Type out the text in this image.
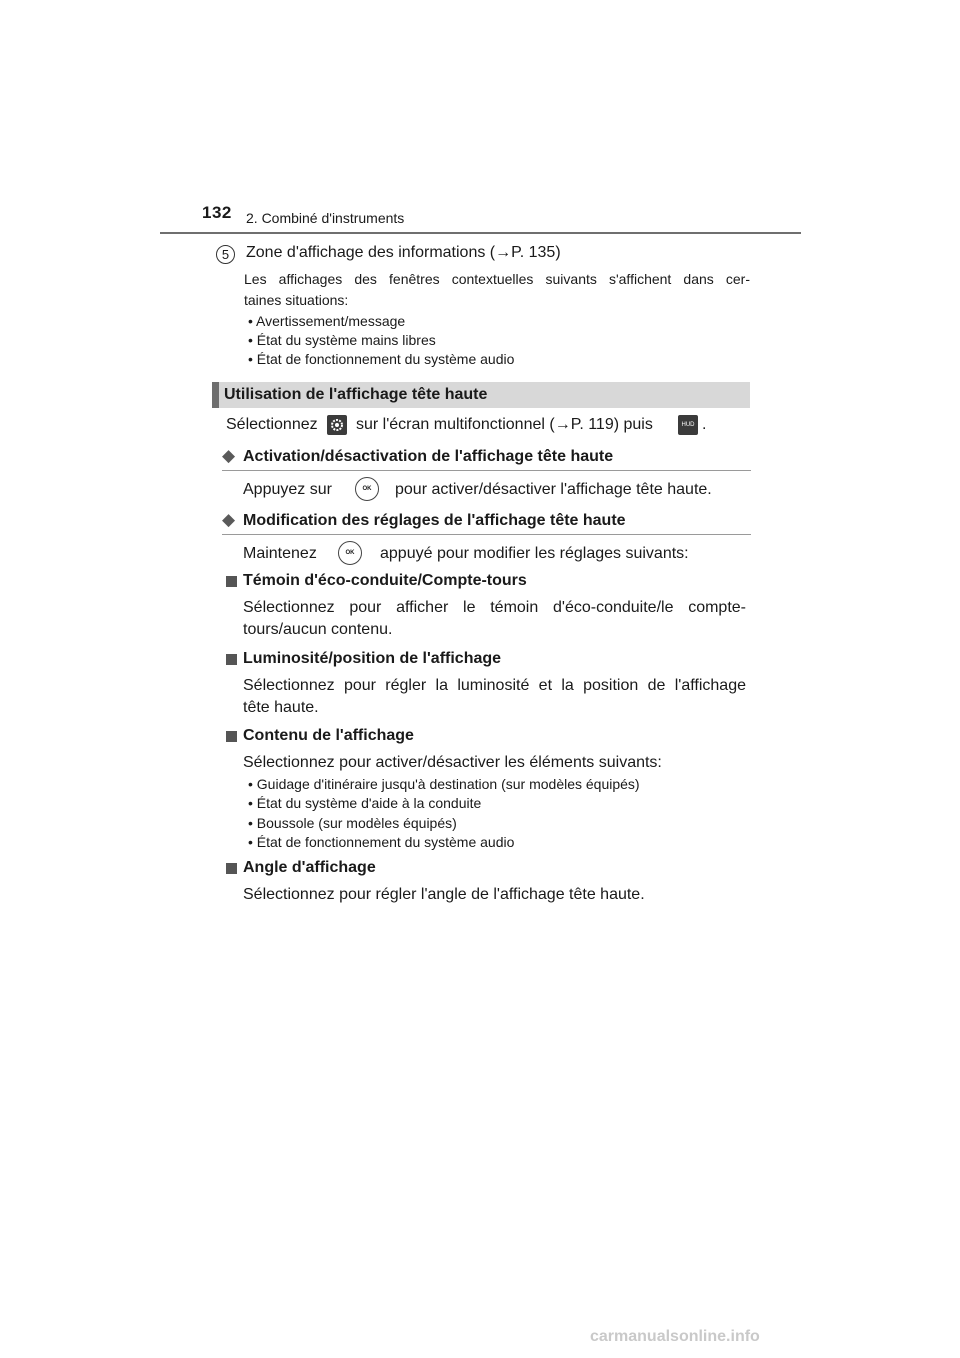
132 2. Combiné d'instruments
5	Zone d'affichage des informations (→P. 135)
Les affichages des fenêtres contextuelles suivants s'affichent dans cer-
taines situations:
• Avertissement/message
• État du système mains libres
• État de fonctionnement du système audio
Utilisation de l'affichage tête haute
Sélectionnez sur l'écran multifonctionnel (→P. 119) puis	HUD .
◆ Activation/désactivation de l'affichage tête haute
Appuyez sur	OK	pour activer/désactiver l'affichage tête haute.
◆ Modification des réglages de l'affichage tête haute
Maintenez	OK	appuyé pour modifier les réglages suivants:
Témoin d'éco-conduite/Compte-tours
Sélectionnez pour afficher le témoin d'éco-conduite/le compte-
tours/aucun contenu.
Luminosité/position de l'affichage
Sélectionnez pour régler la luminosité et la position de l'affichage
tête haute.
Contenu de l'affichage
Sélectionnez pour activer/désactiver les éléments suivants:
• Guidage d'itinéraire jusqu'à destination (sur modèles équipés)
• État du système d'aide à la conduite
• Boussole (sur modèles équipés)
• État de fonctionnement du système audio
Angle d'affichage
Sélectionnez pour régler l'angle de l'affichage tête haute.
carmanualsonline.info
